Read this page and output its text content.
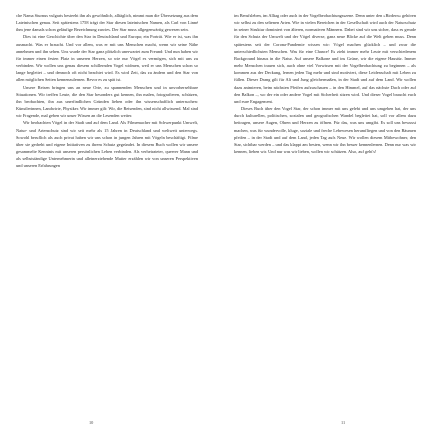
che Nama Sturnus vulgaris besteeht ihn als gewöhnlich, alltäglich, nimmt man die Übersetzung aus dem Lateinischen genau. Seit spätestens 1758 trägt der Star diesen lateinischen Namen, als Carl von Linné ihm jene damals schon geläufige Bezeichnung zuwies. Der Star muss allgegenwärtig gewesen sein.

Dies ist eine Geschichte über den Star in Deutschland und Europa; ein Porträt. Wie er ist, was ihn ausmacht. Was er braucht. Und vor allem, was er mit uns Menschen macht, wenn wir seine Nähe annehmen und ihn sehen. Uns wurde der Star ganz plötzlich unerwartet zum Freund: Und nun haben wir für immer einen festen Platz in unseren Herzen, so wie nur Vögel es vermögen, sich mit uns zu verbinden. Wir wollen uns genau diesem schillernden Vogel widmen, weil er uns Menschen schon so lange begleitet – und dennoch oft nicht beachtet wird. Es wird Zeit, das zu ändern und den Star von allen möglichen Seiten kennenzulernen. Bevor es zu spät ist.

Unsere Reisen bringen uns an neue Orte, zu spannenden Menschen und in unvorhersehbare Situationen. Wir treffen Leute, die den Star besonders gut kennen, ihn malen, fotografieren, schützen, ihn beobachten, ihn aus unerfindlichen Gründen lieben oder ihn wissenschaftlich untersuchen: Künstlerinnen, Landwirte, Physiker. Wir immer gilt: Wir, die Reisenden, sind nicht allwissend. Mal sind wir Fragende, mal geben wir unser Wissen an die Lesenden weiter.

Wir beobachten Vögel in der Stadt und auf dem Land. Als Filmemacher mit Schwerpunkt Umwelt, Natur- und Artenschutz sind wir seit mehr als 15 Jahren in Deutschland und weltweit unterwegs. Sowohl beruflich als auch privat haben wir uns schon in jungen Jahren mit Vögeln beschäftigt. Filme über sie gedreht und eigene Initiativen zu ihrem Schutz gegründet. In diesem Buch wollen wir unsere gesammelte Kenntnis mit unseren persönlichen Leben verbinden. Als verheirateter, queerer Mann und als selbstständige Unternehmerin und alleinerziehende Mutter erzählen wir von unseren Perspektiven und unseren Erfahrungen

10

im Berufsleben, im Alltag oder auch in der Vogelbeobachtungsszene. Denn unter den »Birdern« gehören wir selbst zu den seltenen Arten. Wie in vielen Bereichen in der Gesellschaft wird auch der Naturschutz in seiner Struktur dominiert von älteren, normativen Männern. Dabei sind wir uns sicher, dass es gerade für den Schutz der Umwelt und der Vögel diverse, ganz neue Blicke auf die Welt geben muss. Denn spätestens seit der Corona-Pandemie wissen wir: Vögel machen glücklich – und zwar die unterschiedlichsten Menschen. Was für eine Chance! Es zieht immer mehr Leute mit verschiedenem Background hinaus in die Natur. Auf unsere Balkone und ins Grüne, wir die eigene Haustür. Immer mehr Menschen trauen sich, auch ohne viel Vorwissen mit der Vogelbeobachtung zu beginnen – als kommen aus der Deckung, lernen jeden Tag mehr und sind motiviert, diese Leidenschaft mit Leben zu füllen. Dieser Drang gilt für Alt und Jung gleichermaßen, in der Stadt und auf dem Land. Wir wollen dazu animieren, beim nächsten Pfeifen aufzuschauen – in den Himmel, auf das nächste Dach oder auf den Balkon –, wo der ein oder andere Vogel mit Sicherheit sitzen wird. Und dieser Vogel braucht euch und eure Engagement.

Dieses Buch über den Vogel Star, der schon immer mit uns gelebt und uns umgeben hat, der uns durch kulturellen, politischen, sozialen und geografischen Wandel begleitet hat, soll vor allem dazu beitragen, unsere Augen, Ohren und Herzen zu öffnen. Für das, was uns umgibt. Es soll uns bewusst machen, was für wundervolle, kluge, soziale und freche Lebewesen herumfliegen und von den Bäumen pfeifen – in der Stadt und auf dem Land, jeden Tag aufs Neue. Wir wollen diesem Mitbewohner, den Star, sichtbar werden – und das klappt am besten, wenn wir ihn besser kennenlernen. Denn nur was wir kennen, lieben wir. Und nur was wir lieben, wollen wir schützen. Also, auf geht's!

11
